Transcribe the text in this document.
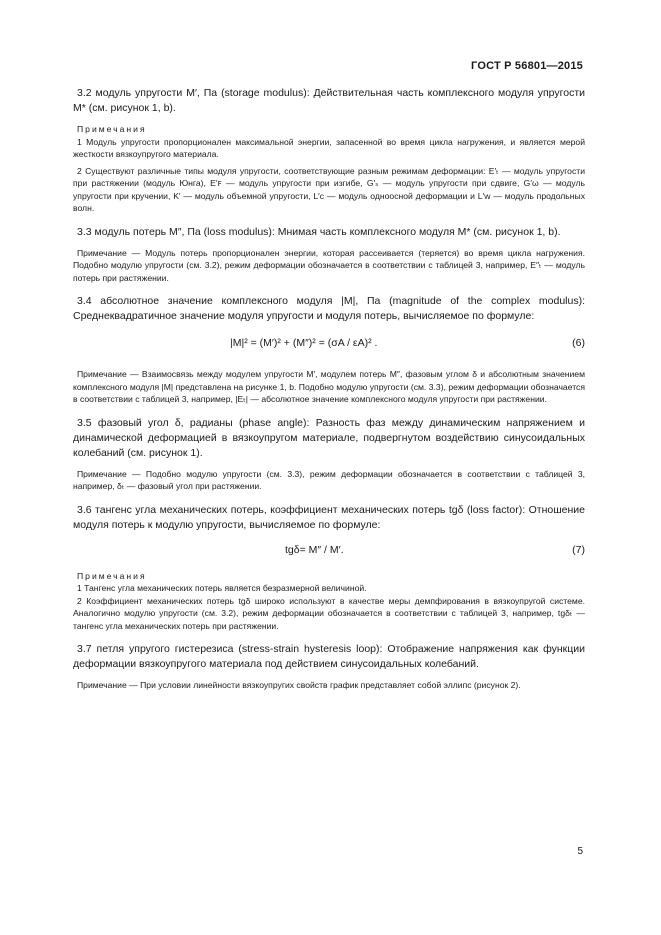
ГОСТ Р 56801—2015

3.2 модуль упругости M′, Па (storage modulus): Действительная часть комплексного модуля упругости M* (см. рисунок 1, b).

Примечания

1 Модуль упругости пропорционален максимальной энергии, запасенной во время цикла нагружения, и является мерой жесткости вязкоупругого материала.

2 Существуют различные типы модуля упругости, соответствующие разным режимам деформации: E′ₜ — модуль упругости при растяжении (модуль Юнга), E′ꜰ — модуль упругости при изгибе, G′ₛ — модуль упругости при сдвиге, G′ω — модуль упругости при кручении, K′ — модуль объемной упругости, L′ᴄ — модуль одноосной деформации и L′ᴡ — модуль продольных волн.

3.3 модуль потерь M″, Па (loss modulus): Мнимая часть комплексного модуля M* (см. рисунок 1, b).

Примечание — Модуль потерь пропорционален энергии, которая рассеивается (теряется) во время цикла нагружения. Подобно модулю упругости (см. 3.2), режим деформации обозначается в соответствии с таблицей 3, например, E″ₜ — модуль потерь при растяжении.

3.4 абсолютное значение комплексного модуля |M|, Па (magnitude of the complex modulus): Среднеквадратичное значение модуля упругости и модуля потерь, вычисляемое по формуле:

|M|² = (M′)² + (M″)² = (σA / εA)² .	(6)

Примечание — Взаимосвязь между модулем упругости M′, модулем потерь M″, фазовым углом δ и абсолютным значением комплексного модуля |M| представлена на рисунке 1, b. Подобно модулю упругости (см. 3.3), режим деформации обозначается в соответствии с таблицей 3, например, |Eₜ| — абсолютное значение комплексного модуля упругости при растяжении.

3.5 фазовый угол δ, радианы (phase angle): Разность фаз между динамическим напряжением и динамической деформацией в вязкоупругом материале, подвергнутом воздействию синусоидальных колебаний (см. рисунок 1).

Примечание — Подобно модулю упругости (см. 3.3), режим деформации обозначается в соответствии с таблицей 3, например, δₜ — фазовый угол при растяжении.

3.6 тангенс угла механических потерь, коэффициент механических потерь tgδ (loss factor): Отношение модуля потерь к модулю упругости, вычисляемое по формуле:

tgδ= M″ / M′.	(7)

Примечания

1 Тангенс угла механических потерь является безразмерной величиной.

2 Коэффициент механических потерь tgδ широко используют в качестве меры демпфирования в вязкоупругой системе. Аналогично модулю упругости (см. 3.2), режим деформации обозначается в соответствии с таблицей 3, например, tgδₜ — тангенс угла механических потерь при растяжении.

3.7 петля упругого гистерезиса (stress-strain hysteresis loop): Отображение напряжения как функции деформации вязкоупругого материала под действием синусоидальных колебаний.

Примечание — При условии линейности вязкоупругих свойств график представляет собой эллипс (рисунок 2).

5
